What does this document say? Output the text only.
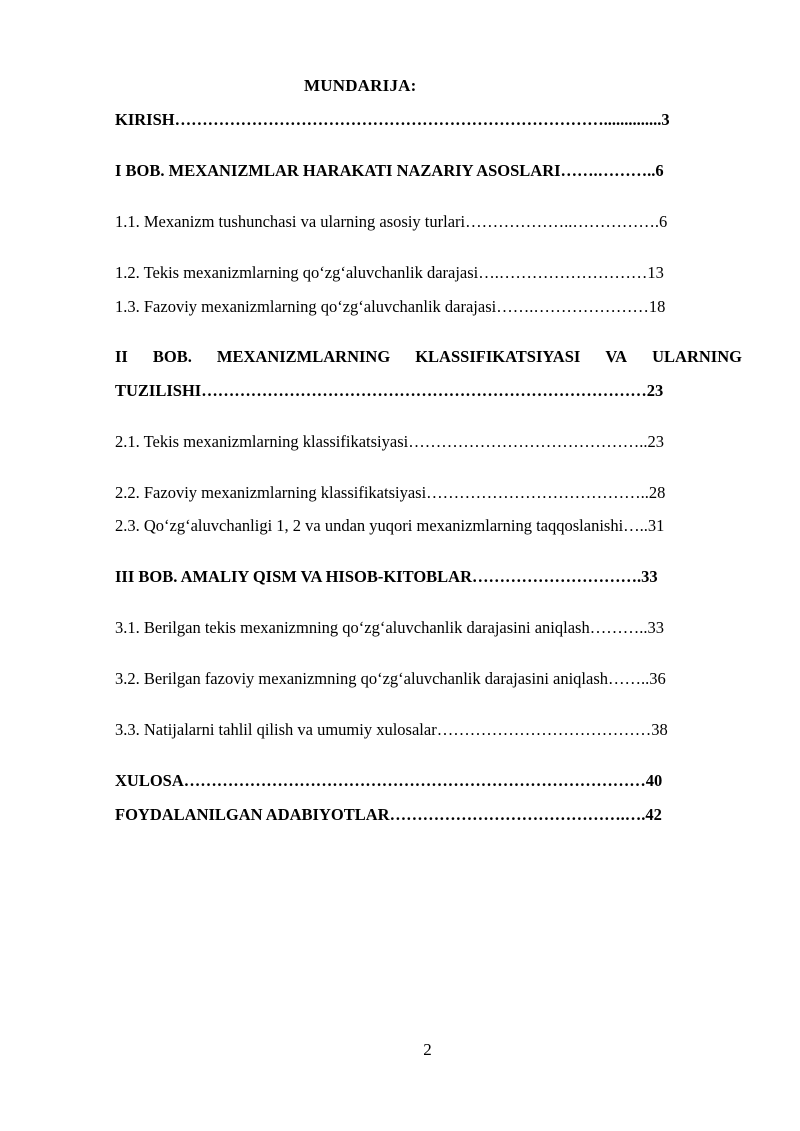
MUNDARIJA:
KIRISH……………………………………………………………………..............3
I BOB. MEXANIZMLAR HARAKATI NAZARIY ASOSLARI…….………..6
1.1. Mexanizm tushunchasi va ularning asosiy turlari………………..…………….6
1.2. Tekis mexanizmlarning qo‘zg‘aluvchanlik darajasi….………………………13
1.3. Fazoviy mexanizmlarning qo‘zg‘aluvchanlik darajasi…….…………………18
II BOB. MEXANIZMLARNING KLASSIFIKATSIYASI VA ULARNING
TUZILISHI………………………………………………………………………23
2.1. Tekis mexanizmlarning klassifikatsiyasi……………………………………..23
2.2. Fazoviy mexanizmlarning klassifikatsiyasi…………………………………..28
2.3. Qo‘zg‘aluvchanligi 1, 2 va undan yuqori mexanizmlarning taqqoslanishi…..31
III BOB. AMALIY QISM VA HISOB-KITOBLAR………………………….33
3.1. Berilgan tekis mexanizmning qo‘zg‘aluvchanlik darajasini aniqlash………..33
3.2. Berilgan fazoviy mexanizmning qo‘zg‘aluvchanlik darajasini aniqlash……..36
3.3. Natijalarni tahlil qilish va umumiy xulosalar…………………………………38
XULOSA…………………………………………………………………………40
FOYDALANILGAN ADABIYOTLAR…………………………………….….42
2
